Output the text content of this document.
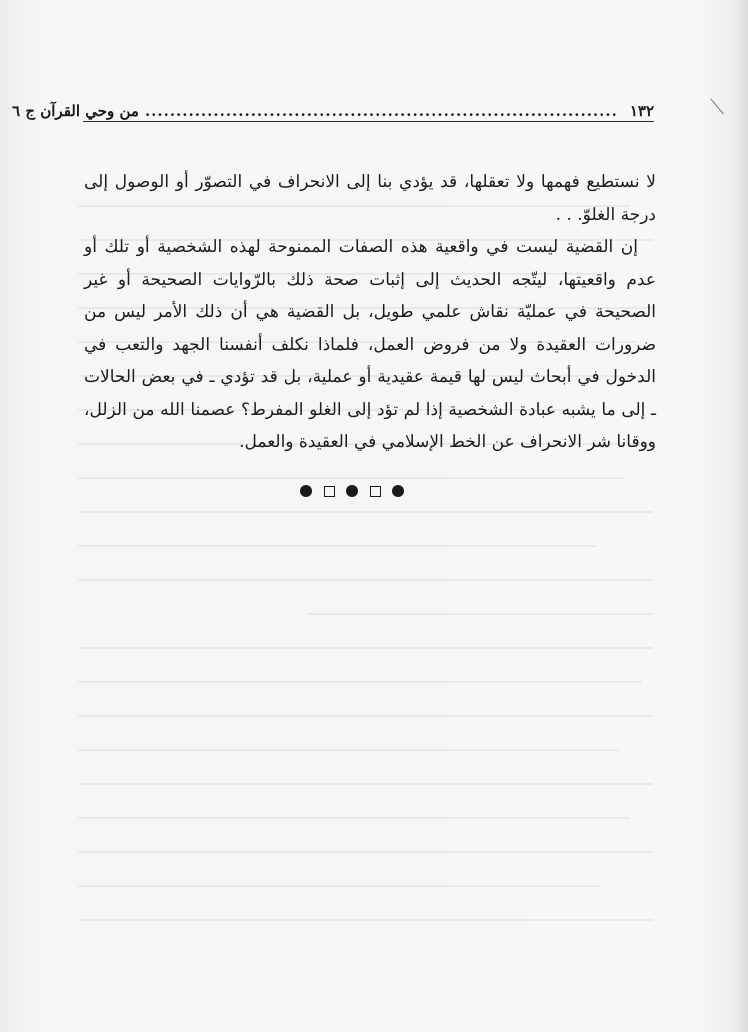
١٣٢
............................................................................
من وحي القرآن ج ٦

لا نستطيع فهمها ولا تعقلها، قد يؤدي بنا إلى الانحراف في التصوّر أو الوصول إلى درجة الغلوّ. . .

إن القضية ليست في واقعية هذه الصفات الممنوحة لهذه الشخصية أو تلك أو عدم واقعيتها، ليتّجه الحديث إلى إثبات صحة ذلك بالرّوايات الصحيحة أو غير الصحيحة في عمليّة نقاش علمي طويل، بل القضية هي أن ذلك الأمر ليس من ضرورات العقيدة ولا من فروض العمل، فلماذا نكلف أنفسنا الجهد والتعب في الدخول في أبحاث ليس لها قيمة عقيدية أو عملية، بل قد تؤدي ـ في بعض الحالات ـ إلى ما يشبه عبادة الشخصية إذا لم تؤد إلى الغلو المفرط؟ عصمنا الله من الزلل، ووقانا شر الانحراف عن الخط الإسلامي في العقيدة والعمل.
